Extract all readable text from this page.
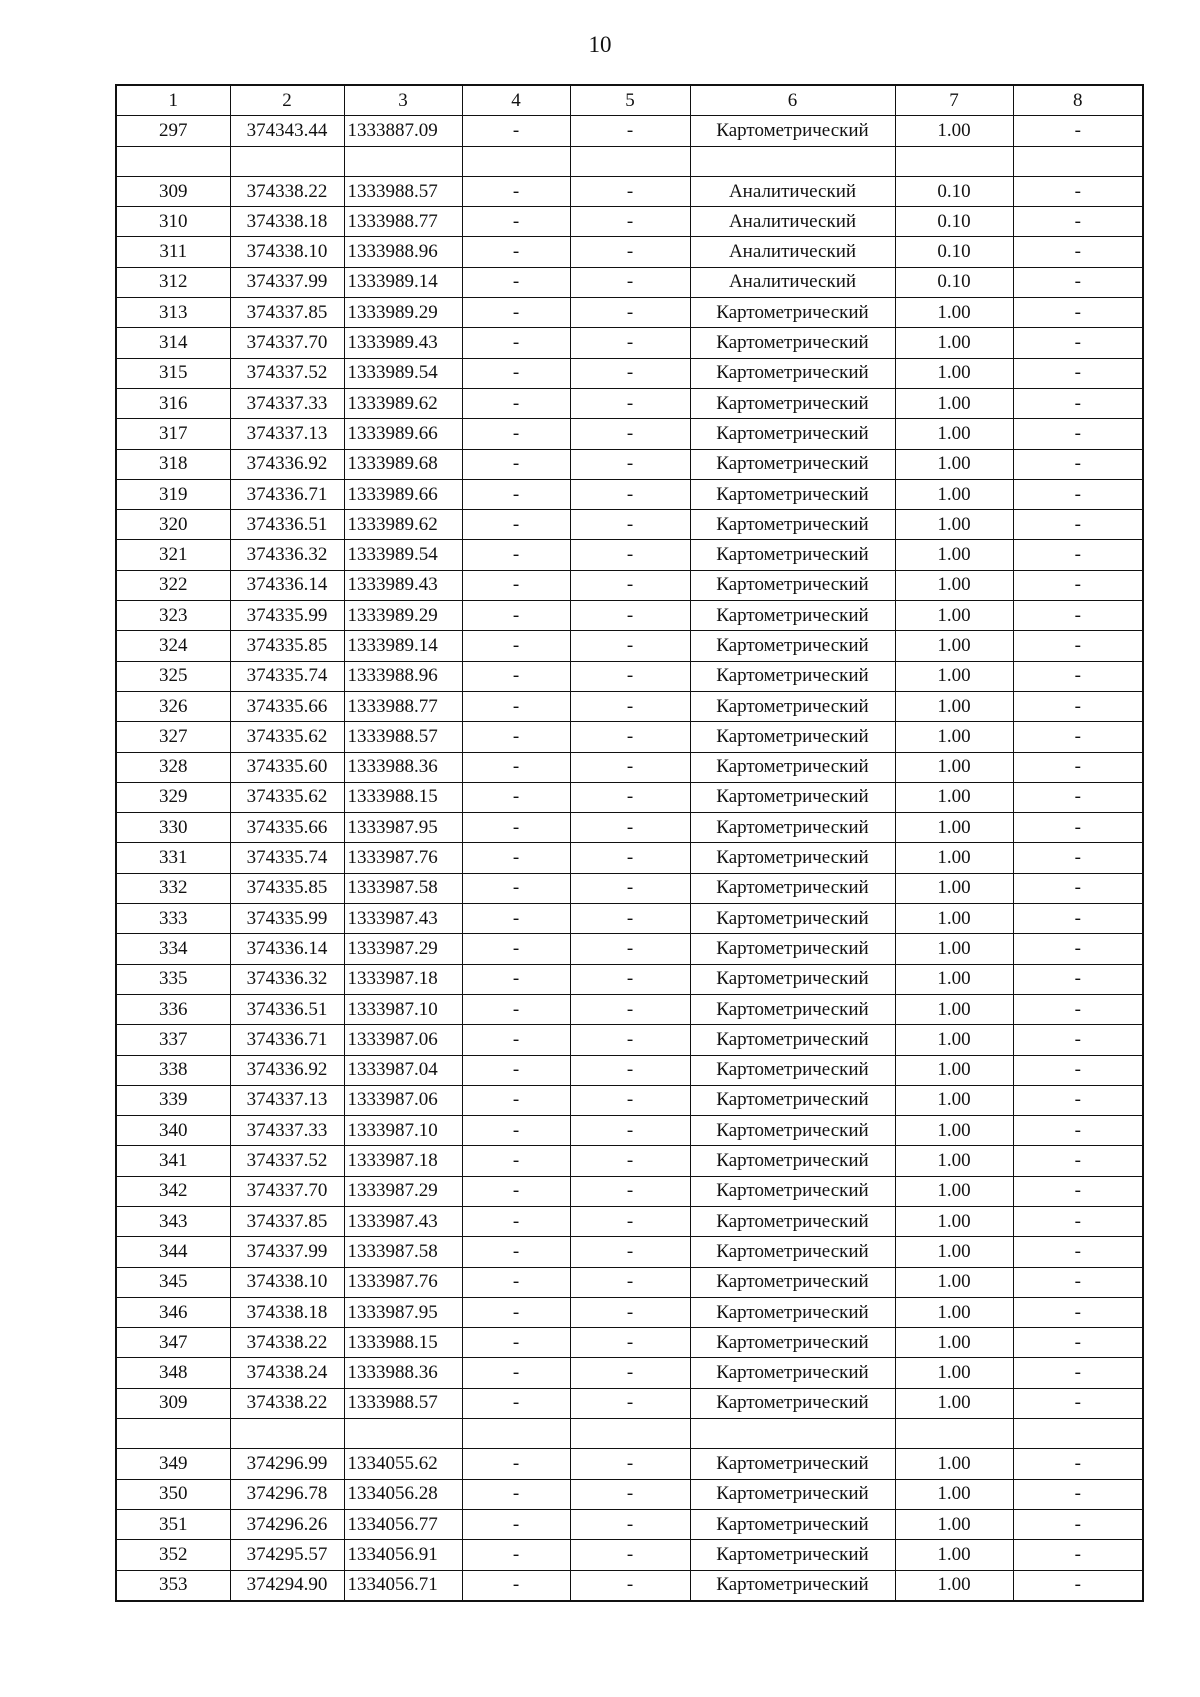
10
1	2	3	4	5	6	7	8
297	374343.44	1333887.09	-	-	Картометрический	1.00	-

309	374338.22	1333988.57	-	-	Аналитический	0.10	-
310	374338.18	1333988.77	-	-	Аналитический	0.10	-
311	374338.10	1333988.96	-	-	Аналитический	0.10	-
312	374337.99	1333989.14	-	-	Аналитический	0.10	-
313	374337.85	1333989.29	-	-	Картометрический	1.00	-
314	374337.70	1333989.43	-	-	Картометрический	1.00	-
315	374337.52	1333989.54	-	-	Картометрический	1.00	-
316	374337.33	1333989.62	-	-	Картометрический	1.00	-
317	374337.13	1333989.66	-	-	Картометрический	1.00	-
318	374336.92	1333989.68	-	-	Картометрический	1.00	-
319	374336.71	1333989.66	-	-	Картометрический	1.00	-
320	374336.51	1333989.62	-	-	Картометрический	1.00	-
321	374336.32	1333989.54	-	-	Картометрический	1.00	-
322	374336.14	1333989.43	-	-	Картометрический	1.00	-
323	374335.99	1333989.29	-	-	Картометрический	1.00	-
324	374335.85	1333989.14	-	-	Картометрический	1.00	-
325	374335.74	1333988.96	-	-	Картометрический	1.00	-
326	374335.66	1333988.77	-	-	Картометрический	1.00	-
327	374335.62	1333988.57	-	-	Картометрический	1.00	-
328	374335.60	1333988.36	-	-	Картометрический	1.00	-
329	374335.62	1333988.15	-	-	Картометрический	1.00	-
330	374335.66	1333987.95	-	-	Картометрический	1.00	-
331	374335.74	1333987.76	-	-	Картометрический	1.00	-
332	374335.85	1333987.58	-	-	Картометрический	1.00	-
333	374335.99	1333987.43	-	-	Картометрический	1.00	-
334	374336.14	1333987.29	-	-	Картометрический	1.00	-
335	374336.32	1333987.18	-	-	Картометрический	1.00	-
336	374336.51	1333987.10	-	-	Картометрический	1.00	-
337	374336.71	1333987.06	-	-	Картометрический	1.00	-
338	374336.92	1333987.04	-	-	Картометрический	1.00	-
339	374337.13	1333987.06	-	-	Картометрический	1.00	-
340	374337.33	1333987.10	-	-	Картометрический	1.00	-
341	374337.52	1333987.18	-	-	Картометрический	1.00	-
342	374337.70	1333987.29	-	-	Картометрический	1.00	-
343	374337.85	1333987.43	-	-	Картометрический	1.00	-
344	374337.99	1333987.58	-	-	Картометрический	1.00	-
345	374338.10	1333987.76	-	-	Картометрический	1.00	-
346	374338.18	1333987.95	-	-	Картометрический	1.00	-
347	374338.22	1333988.15	-	-	Картометрический	1.00	-
348	374338.24	1333988.36	-	-	Картометрический	1.00	-
309	374338.22	1333988.57	-	-	Картометрический	1.00	-

349	374296.99	1334055.62	-	-	Картометрический	1.00	-
350	374296.78	1334056.28	-	-	Картометрический	1.00	-
351	374296.26	1334056.77	-	-	Картометрический	1.00	-
352	374295.57	1334056.91	-	-	Картометрический	1.00	-
353	374294.90	1334056.71	-	-	Картометрический	1.00	-
